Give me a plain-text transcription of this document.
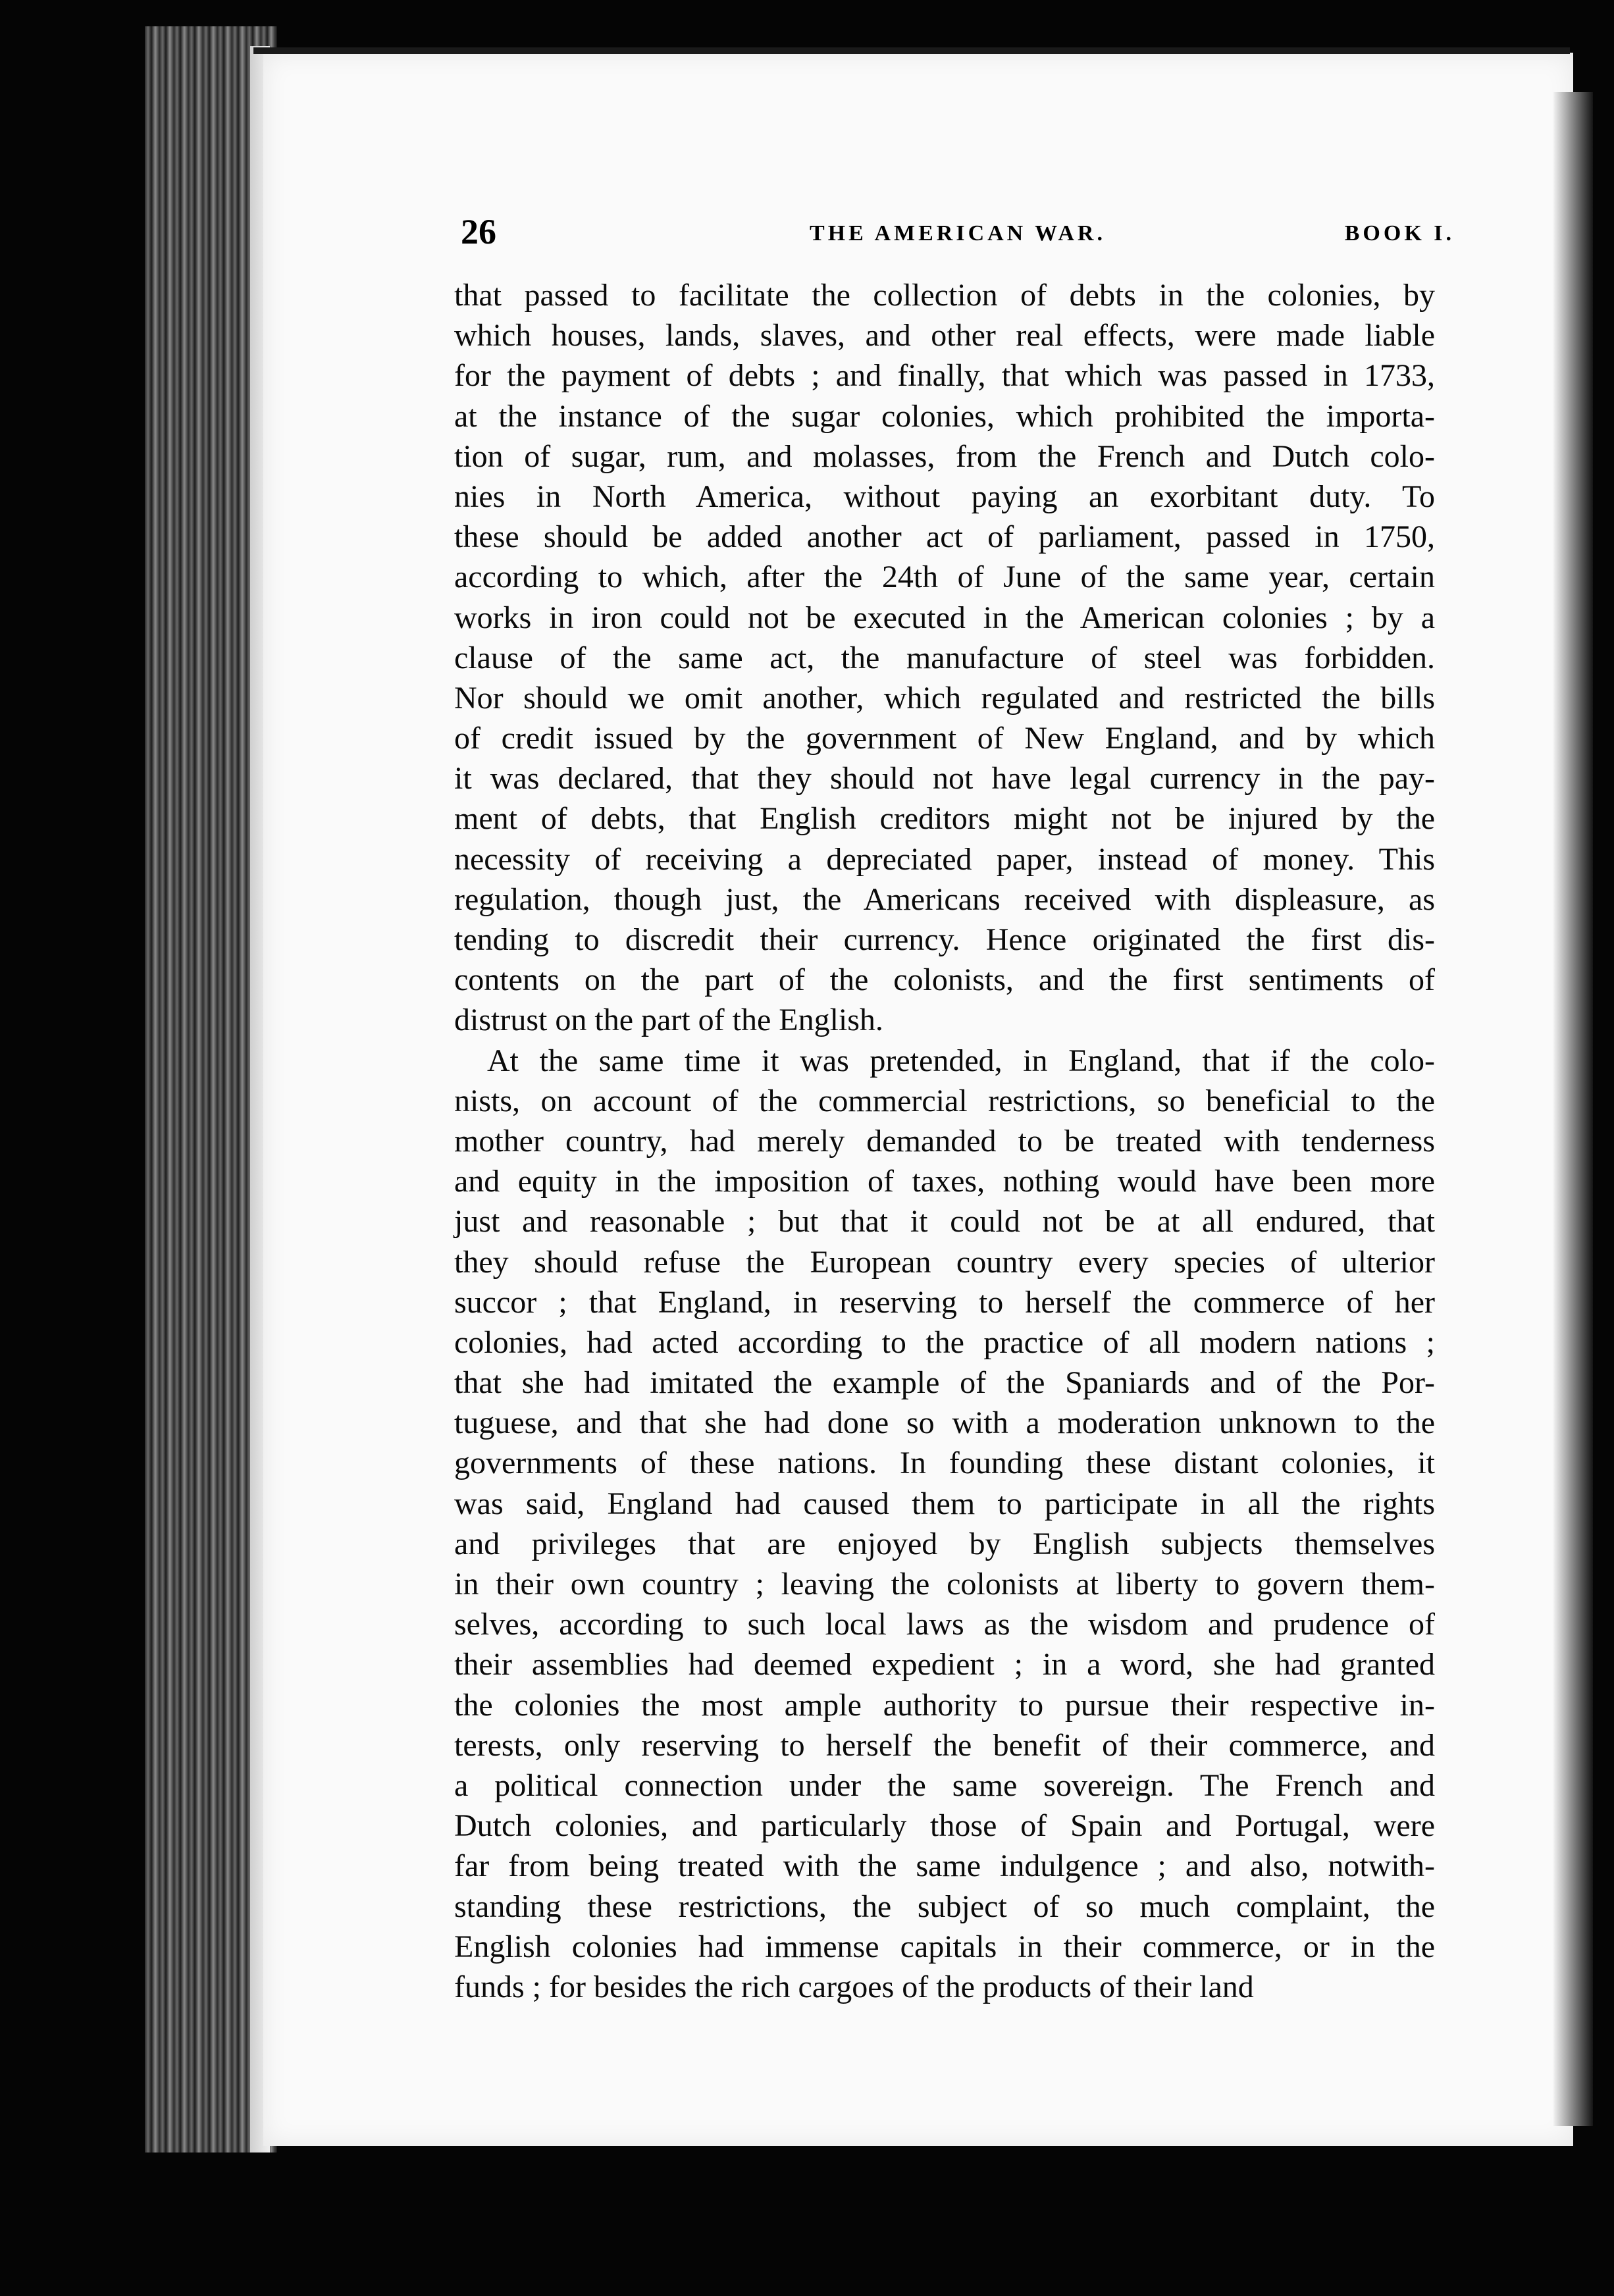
26	THE AMERICAN WAR.	BOOK I.
that passed to facilitate the collection of debts in the colonies, by
which houses, lands, slaves, and other real effects, were made liable
for the payment of debts ; and finally, that which was passed in 1733,
at the instance of the sugar colonies, which prohibited the importa-
tion of sugar, rum, and molasses, from the French and Dutch colo-
nies in North America, without paying an exorbitant duty. To
these should be added another act of parliament, passed in 1750,
according to which, after the 24th of June of the same year, certain
works in iron could not be executed in the American colonies ; by a
clause of the same act, the manufacture of steel was forbidden.
Nor should we omit another, which regulated and restricted the bills
of credit issued by the government of New England, and by which
it was declared, that they should not have legal currency in the pay-
ment of debts, that English creditors might not be injured by the
necessity of receiving a depreciated paper, instead of money. This
regulation, though just, the Americans received with displeasure, as
tending to discredit their currency. Hence originated the first dis-
contents on the part of the colonists, and the first sentiments of
distrust on the part of the English.
At the same time it was pretended, in England, that if the colo-
nists, on account of the commercial restrictions, so beneficial to the
mother country, had merely demanded to be treated with tenderness
and equity in the imposition of taxes, nothing would have been more
just and reasonable ; but that it could not be at all endured, that
they should refuse the European country every species of ulterior
succor ; that England, in reserving to herself the commerce of her
colonies, had acted according to the practice of all modern nations ;
that she had imitated the example of the Spaniards and of the Por-
tuguese, and that she had done so with a moderation unknown to the
governments of these nations. In founding these distant colonies, it
was said, England had caused them to participate in all the rights
and privileges that are enjoyed by English subjects themselves
in their own country ; leaving the colonists at liberty to govern them-
selves, according to such local laws as the wisdom and prudence of
their assemblies had deemed expedient ; in a word, she had granted
the colonies the most ample authority to pursue their respective in-
terests, only reserving to herself the benefit of their commerce, and
a political connection under the same sovereign. The French and
Dutch colonies, and particularly those of Spain and Portugal, were
far from being treated with the same indulgence ; and also, notwith-
standing these restrictions, the subject of so much complaint, the
English colonies had immense capitals in their commerce, or in the
funds ; for besides the rich cargoes of the products of their land
